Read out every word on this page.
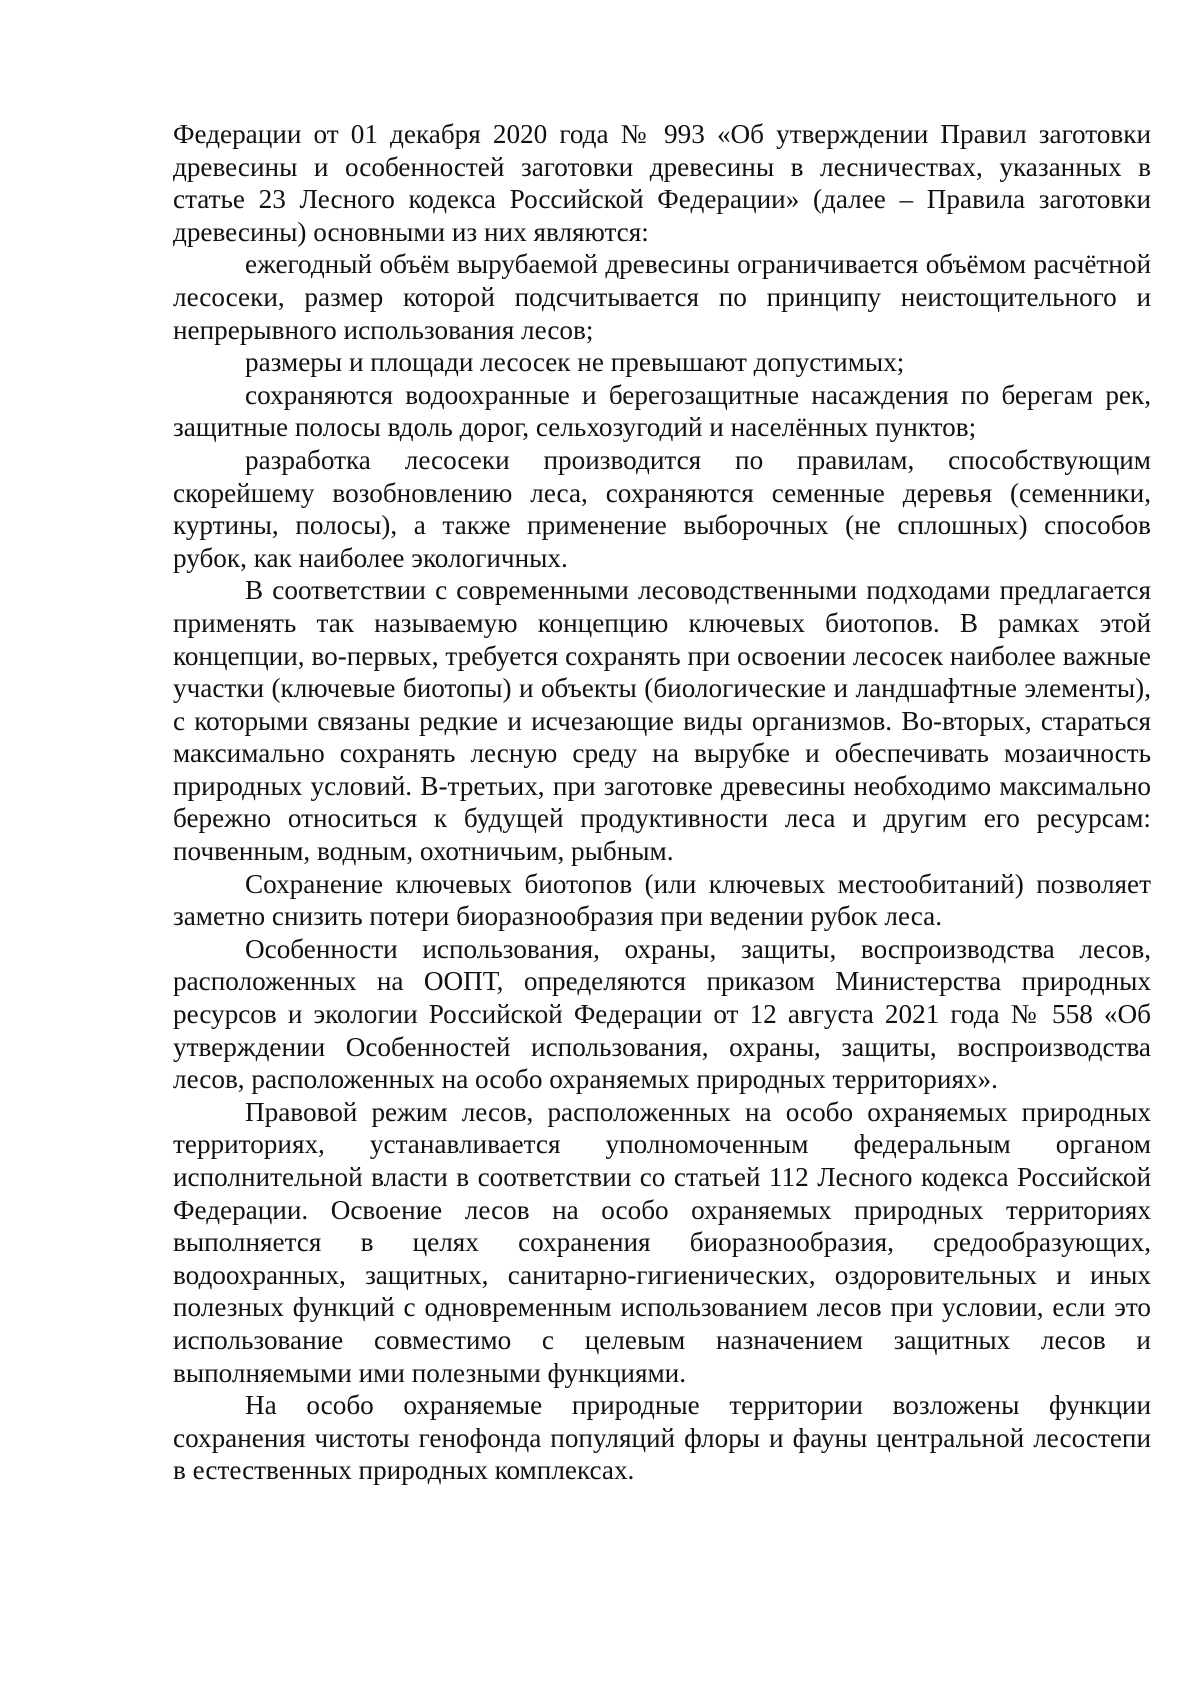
Федерации от 01 декабря 2020 года № 993 «Об утверждении Правил заготовки древесины и особенностей заготовки древесины в лесничествах, указанных в статье 23 Лесного кодекса Российской Федерации» (далее – Правила заготовки древесины) основными из них являются:

ежегодный объём вырубаемой древесины ограничивается объёмом расчётной лесосеки, размер которой подсчитывается по принципу неистощительного и непрерывного использования лесов;

размеры и площади лесосек не превышают допустимых;

сохраняются водоохранные и берегозащитные насаждения по берегам рек, защитные полосы вдоль дорог, сельхозугодий и населённых пунктов;

разработка лесосеки производится по правилам, способствующим скорейшему возобновлению леса, сохраняются семенные деревья (семенники, куртины, полосы), а также применение выборочных (не сплошных) способов рубок, как наиболее экологичных.

В соответствии с современными лесоводственными подходами предлагается применять так называемую концепцию ключевых биотопов. В рамках этой концепции, во-первых, требуется сохранять при освоении лесосек наиболее важные участки (ключевые биотопы) и объекты (биологические и ландшафтные элементы), с которыми связаны редкие и исчезающие виды организмов. Во-вторых, стараться максимально сохранять лесную среду на вырубке и обеспечивать мозаичность природных условий. В-третьих, при заготовке древесины необходимо максимально бережно относиться к будущей продуктивности леса и другим его ресурсам: почвенным, водным, охотничьим, рыбным.

Сохранение ключевых биотопов (или ключевых местообитаний) позволяет заметно снизить потери биоразнообразия при ведении рубок леса.

Особенности использования, охраны, защиты, воспроизводства лесов, расположенных на ООПТ, определяются приказом Министерства природных ресурсов и экологии Российской Федерации от 12 августа 2021 года № 558 «Об утверждении Особенностей использования, охраны, защиты, воспроизводства лесов, расположенных на особо охраняемых природных территориях».

Правовой режим лесов, расположенных на особо охраняемых природных территориях, устанавливается уполномоченным федеральным органом исполнительной власти в соответствии со статьей 112 Лесного кодекса Российской Федерации. Освоение лесов на особо охраняемых природных территориях выполняется в целях сохранения биоразнообразия, средообразующих, водоохранных, защитных, санитарно-гигиенических, оздоровительных и иных полезных функций с одновременным использованием лесов при условии, если это использование совместимо с целевым назначением защитных лесов и выполняемыми ими полезными функциями.

На особо охраняемые природные территории возложены функции сохранения чистоты генофонда популяций флоры и фауны центральной лесостепи в естественных природных комплексах.
